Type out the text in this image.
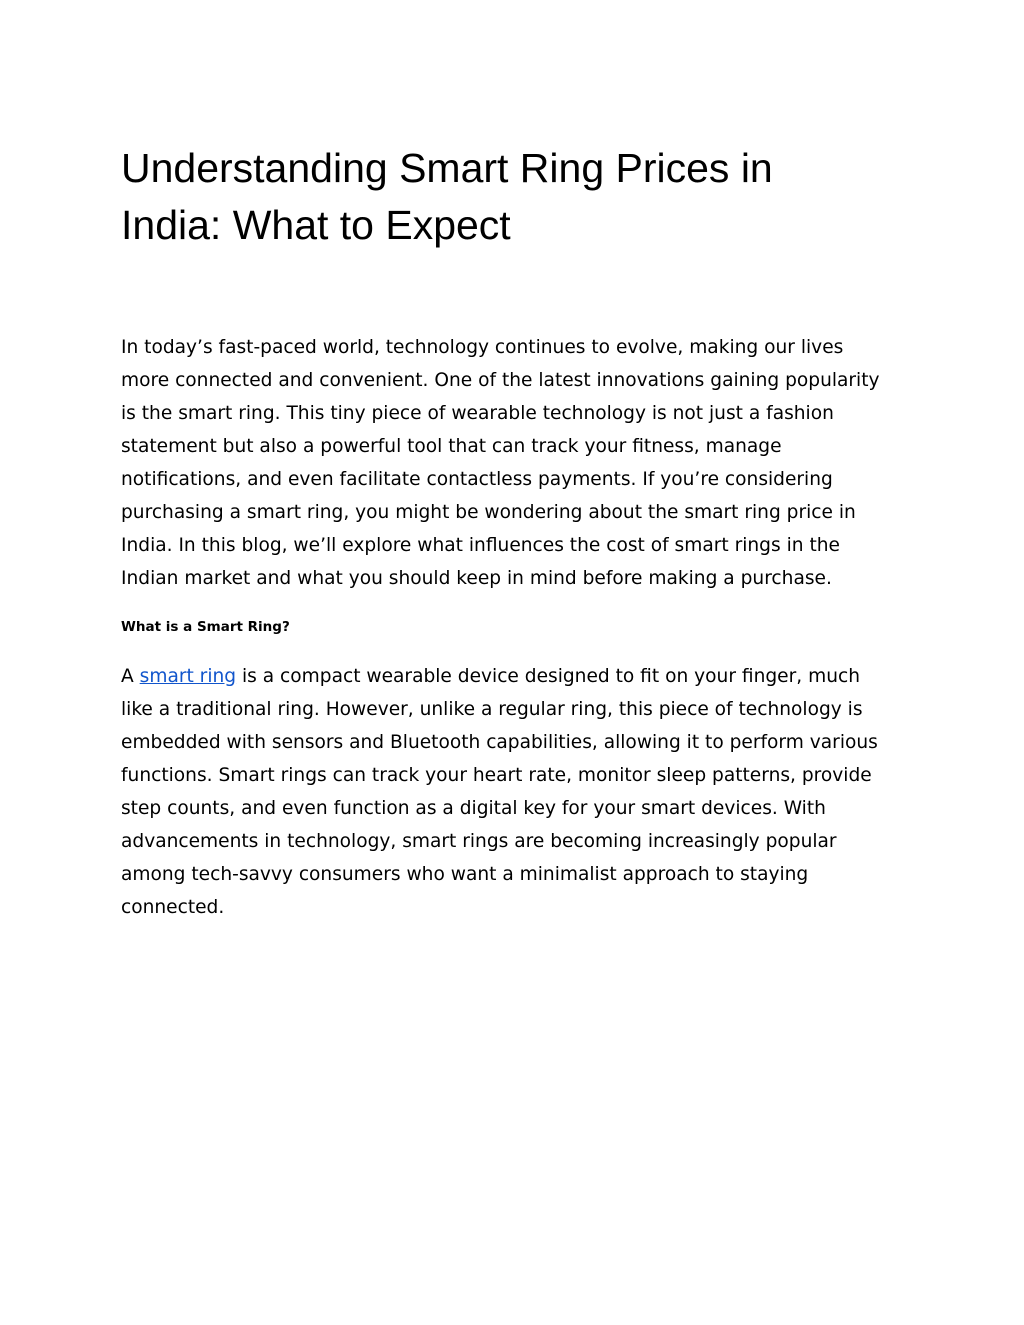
Understanding Smart Ring Prices in
India: What to Expect

In today’s fast-paced world, technology continues to evolve, making our lives
more connected and convenient. One of the latest innovations gaining popularity
is the smart ring. This tiny piece of wearable technology is not just a fashion
statement but also a powerful tool that can track your fitness, manage
notifications, and even facilitate contactless payments. If you’re considering
purchasing a smart ring, you might be wondering about the smart ring price in
India. In this blog, we’ll explore what influences the cost of smart rings in the
Indian market and what you should keep in mind before making a purchase.

What is a Smart Ring?

A smart ring is a compact wearable device designed to fit on your finger, much
like a traditional ring. However, unlike a regular ring, this piece of technology is
embedded with sensors and Bluetooth capabilities, allowing it to perform various
functions. Smart rings can track your heart rate, monitor sleep patterns, provide
step counts, and even function as a digital key for your smart devices. With
advancements in technology, smart rings are becoming increasingly popular
among tech-savvy consumers who want a minimalist approach to staying
connected.
